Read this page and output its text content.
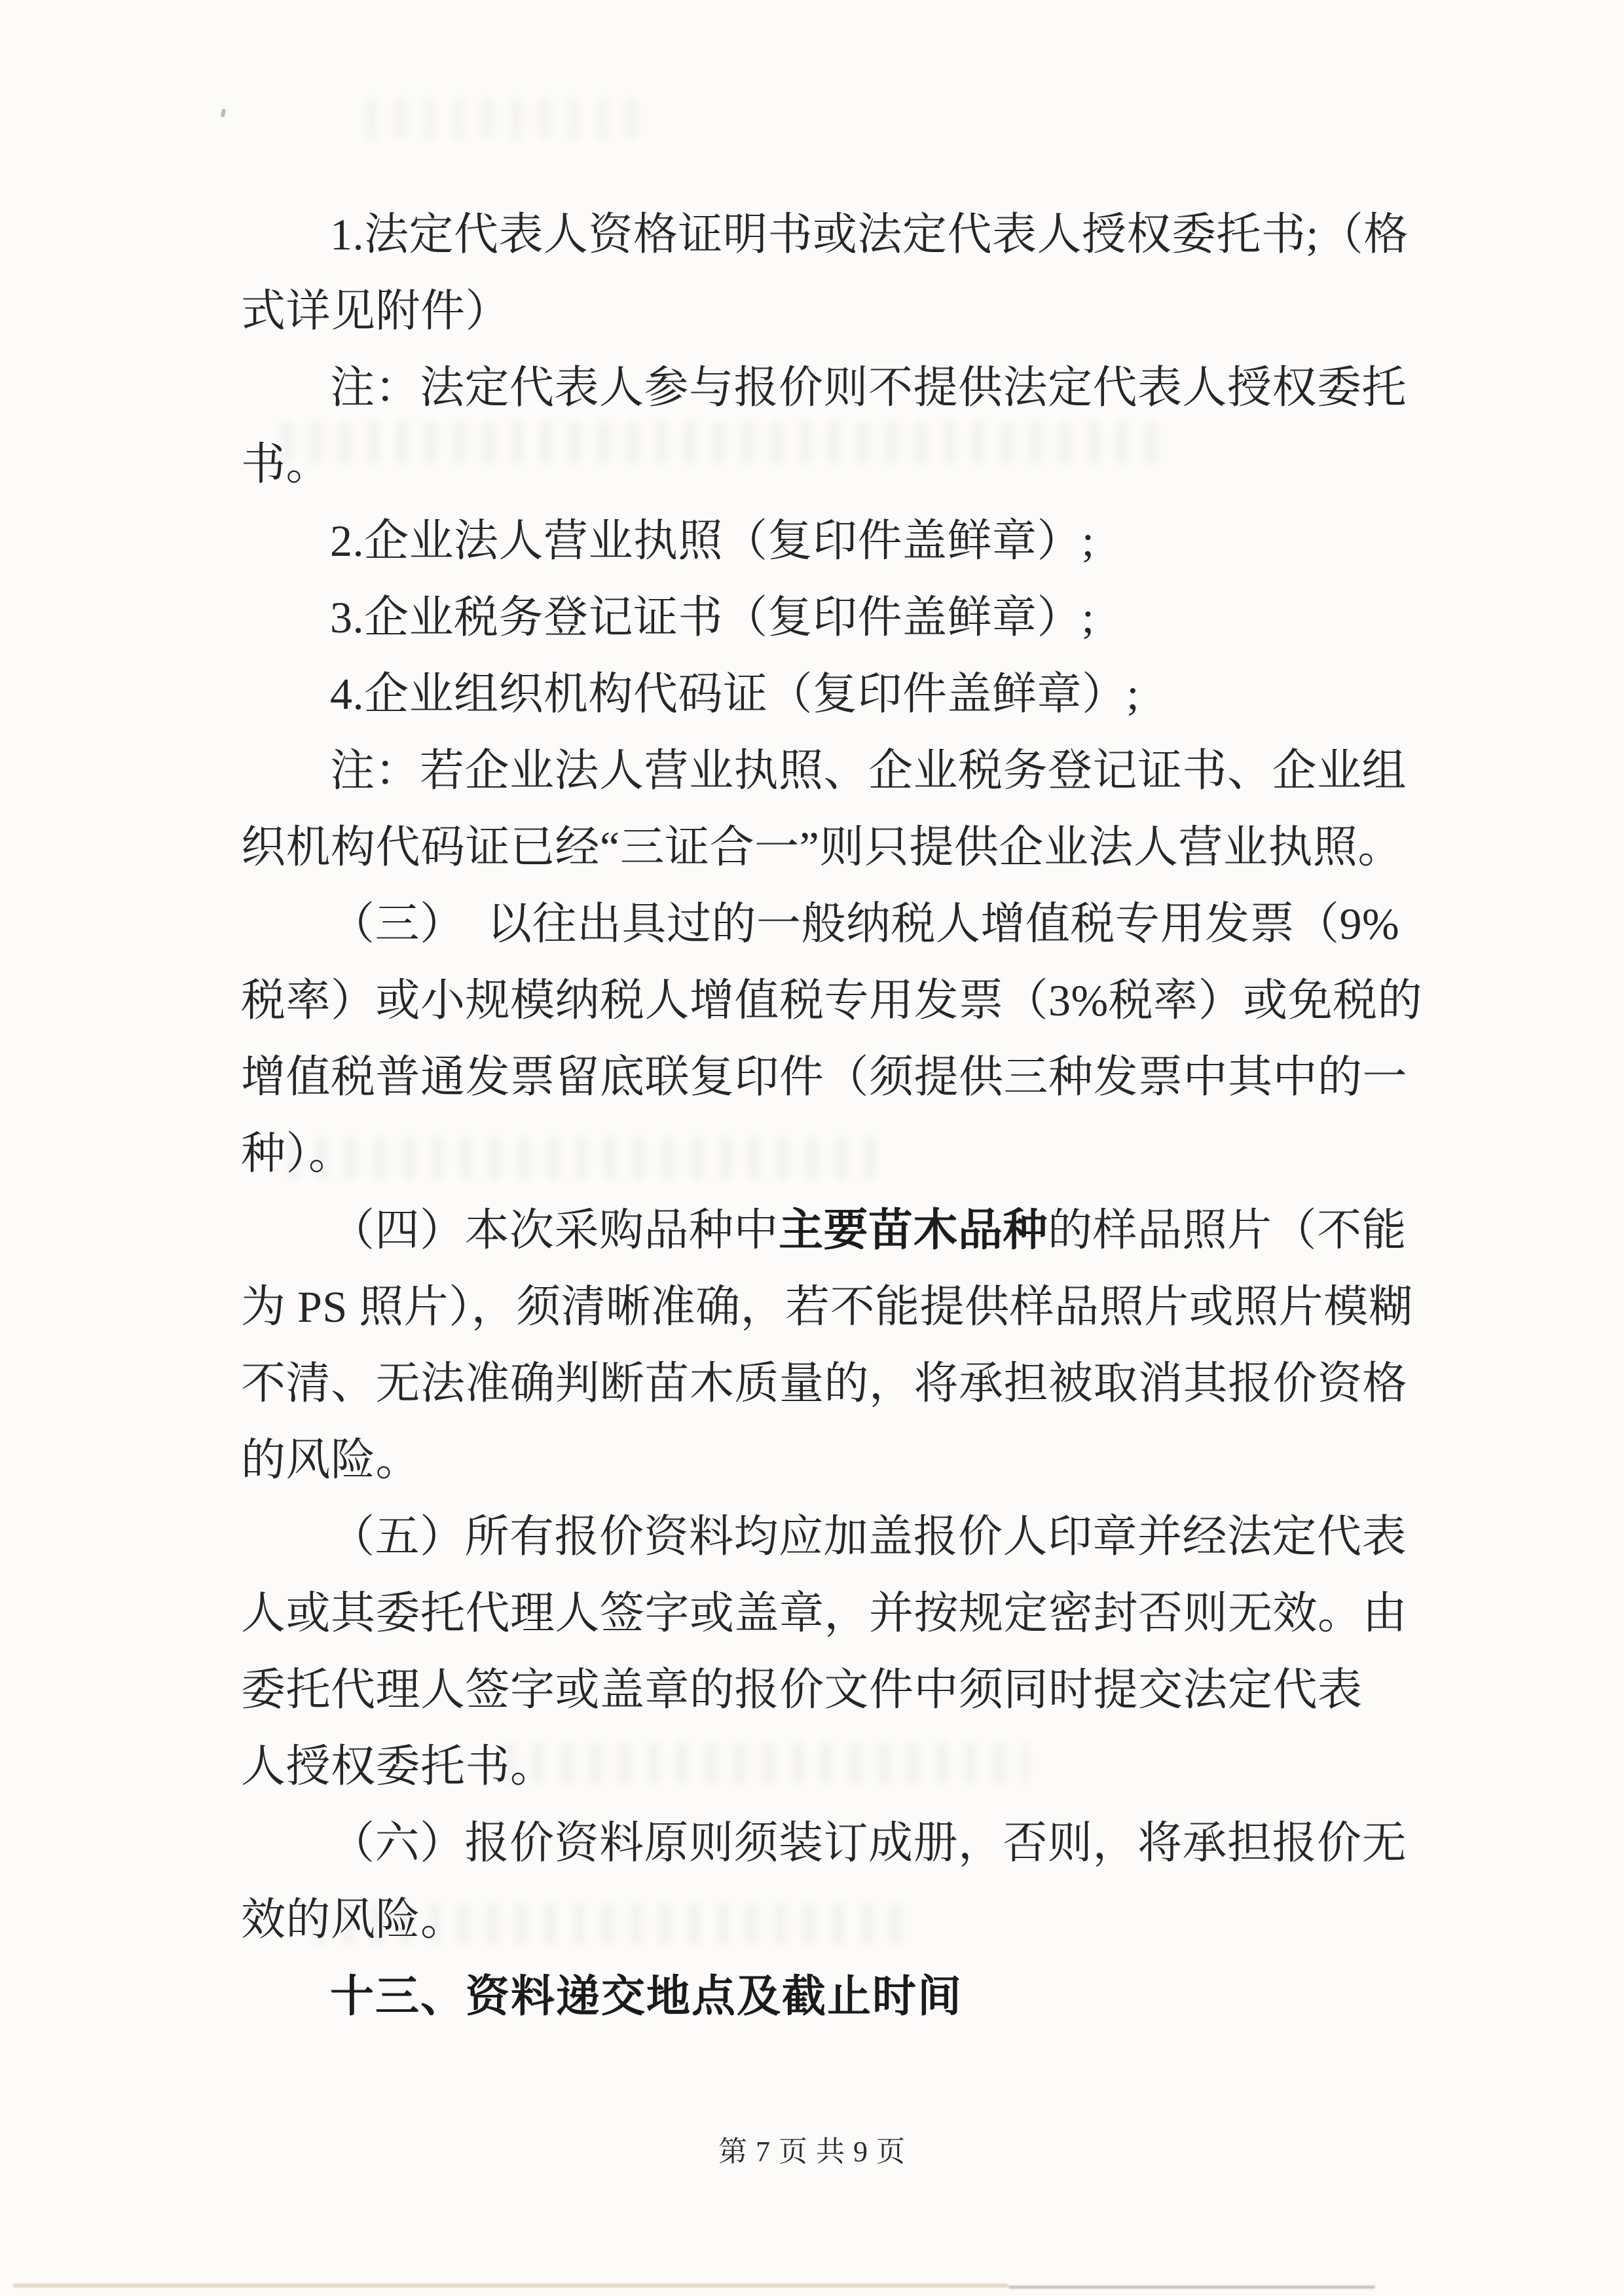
1.法定代表人资格证明书或法定代表人授权委托书;（格
式详见附件）
注：法定代表人参与报价则不提供法定代表人授权委托
书。
2.企业法人营业执照（复印件盖鲜章）;
3.企业税务登记证书（复印件盖鲜章）;
4.企业组织机构代码证（复印件盖鲜章）;
注：若企业法人营业执照、企业税务登记证书、企业组
织机构代码证已经“三证合一”则只提供企业法人营业执照。
（三）　以往出具过的一般纳税人增值税专用发票（9%
税率）或小规模纳税人增值税专用发票（3%税率）或免税的
增值税普通发票留底联复印件（须提供三种发票中其中的一
种）。
（四）本次采购品种中主要苗木品种的样品照片（不能
为 PS 照片），须清晰准确，若不能提供样品照片或照片模糊
不清、无法准确判断苗木质量的，将承担被取消其报价资格
的风险。
（五）所有报价资料均应加盖报价人印章并经法定代表
人或其委托代理人签字或盖章，并按规定密封否则无效。由
委托代理人签字或盖章的报价文件中须同时提交法定代表
人授权委托书。
（六）报价资料原则须装订成册，否则，将承担报价无
效的风险。
十三、资料递交地点及截止时间
第 7 页 共 9 页
